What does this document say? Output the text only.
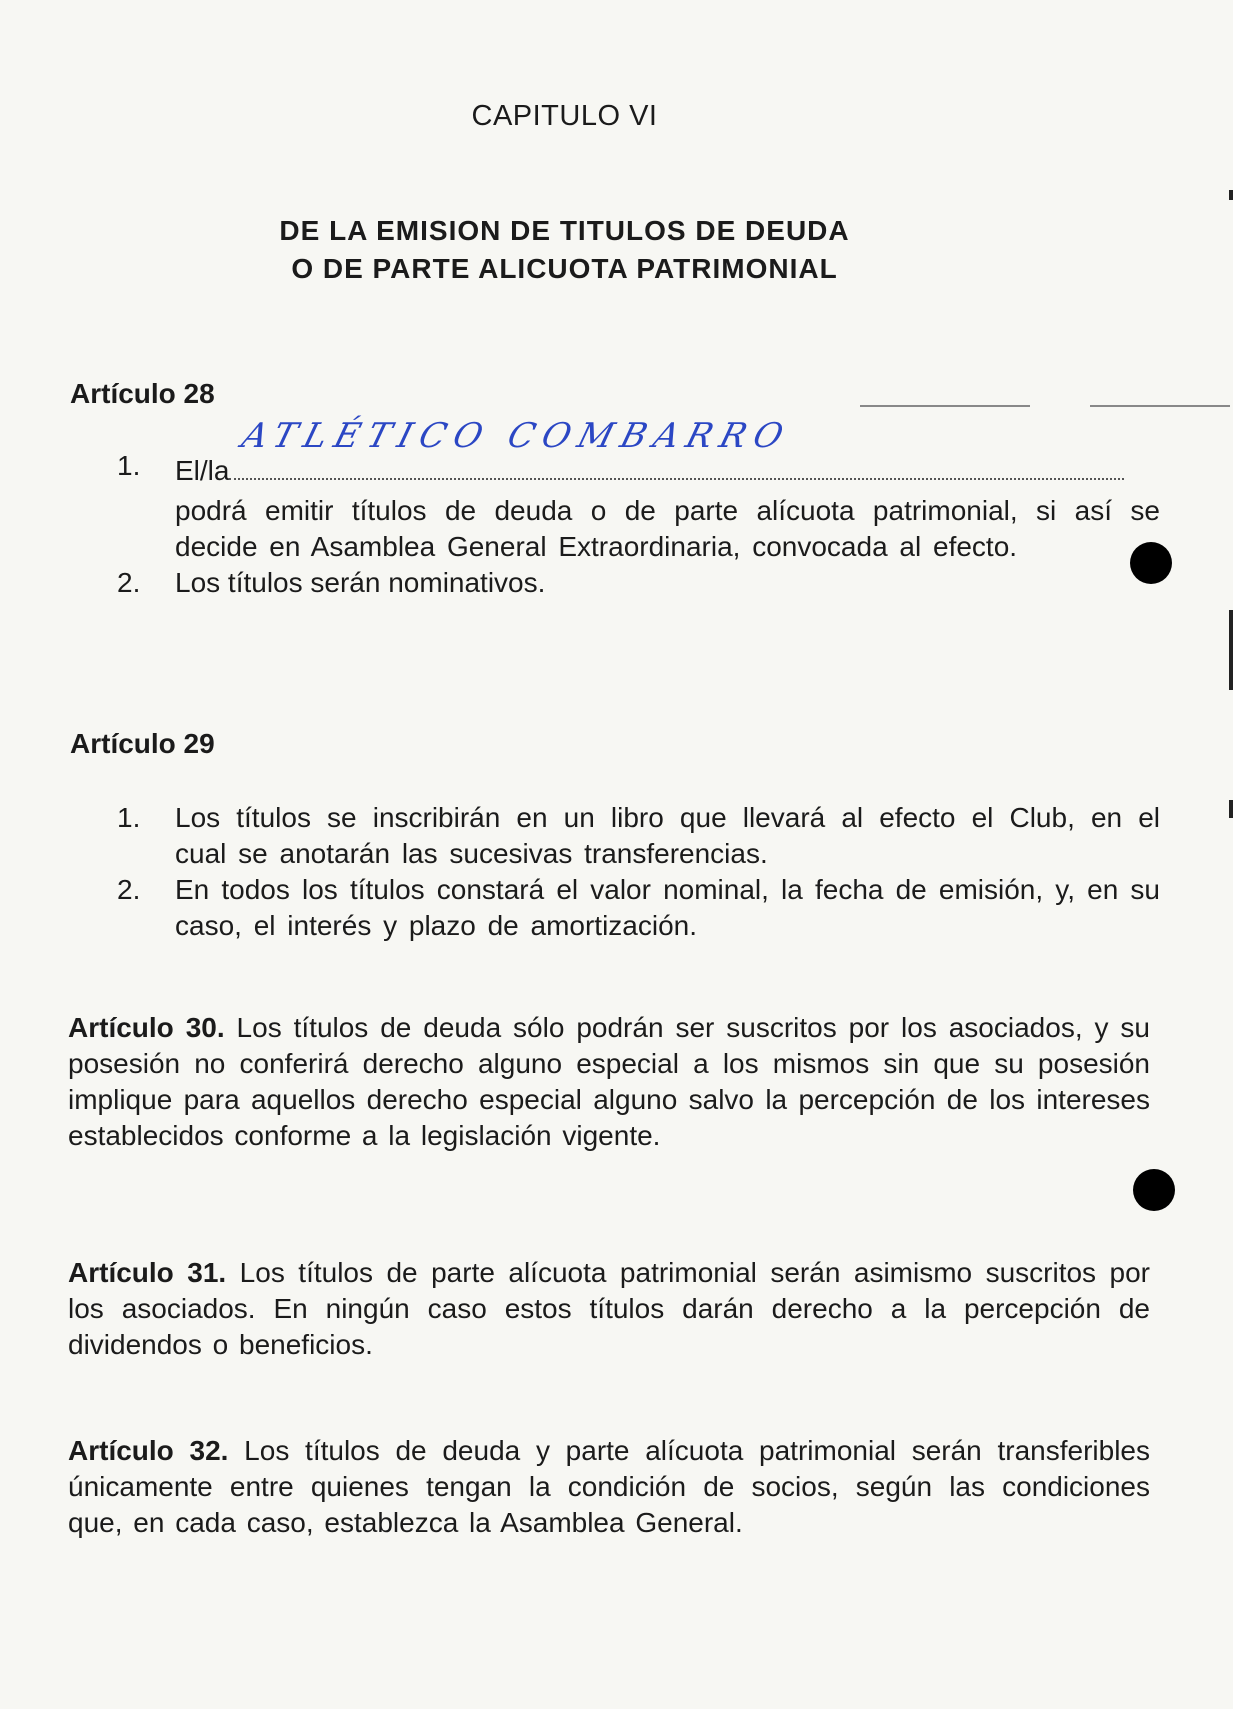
CAPITULO VI
DE LA EMISION DE TITULOS DE DEUDA
O DE PARTE ALICUOTA PATRIMONIAL
Artículo 28
1. El/la
ATLÉTICO COMBARRO
podrá emitir títulos de deuda o de parte alícuota patrimonial, si así se decide en Asamblea General Extraordinaria, convocada al efecto.
2. Los títulos serán nominativos.
Artículo 29
1. Los títulos se inscribirán en un libro que llevará al efecto el Club, en el cual se anotarán las sucesivas transferencias.
2. En todos los títulos constará el valor nominal, la fecha de emisión, y, en su caso, el interés y plazo de amortización.
Artículo 30. Los títulos de deuda sólo podrán ser suscritos por los asociados, y su posesión no conferirá derecho alguno especial a los mismos sin que su posesión implique para aquellos derecho especial alguno salvo la percepción de los intereses establecidos conforme a la legislación vigente.
Artículo 31. Los títulos de parte alícuota patrimonial serán asimismo suscritos por los asociados. En ningún caso estos títulos darán derecho a la percepción de dividendos o beneficios.
Artículo 32. Los títulos de deuda y parte alícuota patrimonial serán transferibles únicamente entre quienes tengan la condición de socios, según las condiciones que, en cada caso, establezca la Asamblea General.
